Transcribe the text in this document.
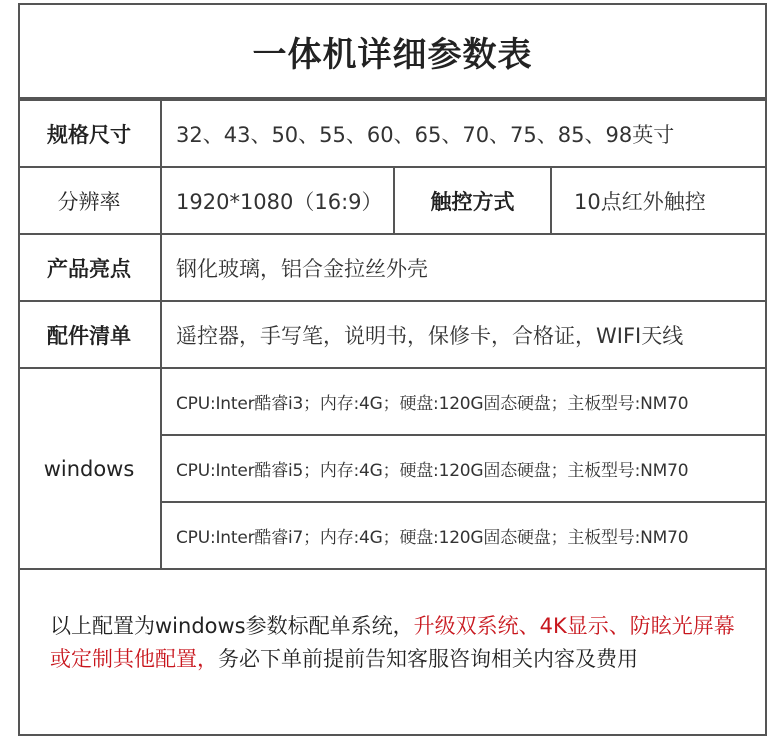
一体机详细参数表
规格尺寸	32、43、50、55、60、65、70、75、85、98英寸		
分辨率	1920*1080（16:9）	触控方式	10点红外触控
产品亮点	钢化玻璃，铝合金拉丝外壳		
配件清单	遥控器，手写笔，说明书，保修卡，合格证，WIFI天线		
windows	CPU:Inter酷睿i3；内存:4G；硬盘:120G固态硬盘；主板型号:NM70		
	CPU:Inter酷睿i5；内存:4G；硬盘:120G固态硬盘；主板型号:NM70		
	CPU:Inter酷睿i7；内存:4G；硬盘:120G固态硬盘；主板型号:NM70		
以上配置为windows参数标配单系统，升级双系统、4K显示、防眩光屏幕或定制其他配置，务必下单前提前告知客服咨询相关内容及费用
